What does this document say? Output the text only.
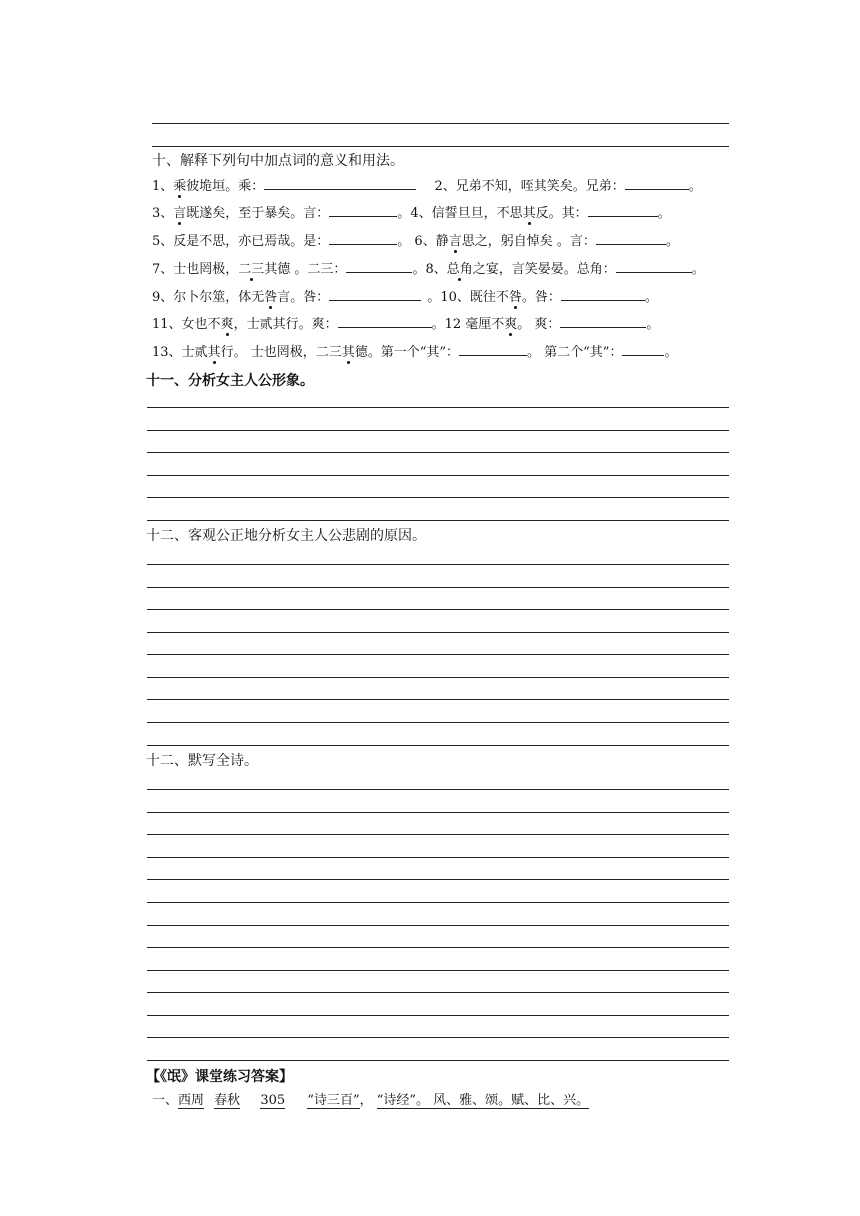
十、解释下列句中加点词的意义和用法。
1、乘彼垝垣。乘：	2、兄弟不知，咥其笑矣。兄弟：	。
3、言既遂矣，至于暴矣。言：	。4、信誓旦旦，不思其反。其：	。
5、反是不思，亦已焉哉。是：	。 6、静言思之，躬自悼矣 。言：	。
7、士也罔极，二三其德 。二三：	。8、总角之宴，言笑晏晏。总角：	。
9、尔卜尔筮，体无咎言。咎：	。10、既往不咎。咎：	。
11、女也不爽，士贰其行。爽：	。12 毫厘不爽。 爽：	。
13、士贰其行。 士也罔极，二三其德。第一个“其”：	。 第二个“其”：	。
十一、分析女主人公形象。
十二、客观公正地分析女主人公悲剧的原因。
十二、默写全诗。
【《氓》课堂练习答案】
一、西周 春秋 305 “诗三百”， “诗经”。 风、雅、颂。赋、比、兴。
